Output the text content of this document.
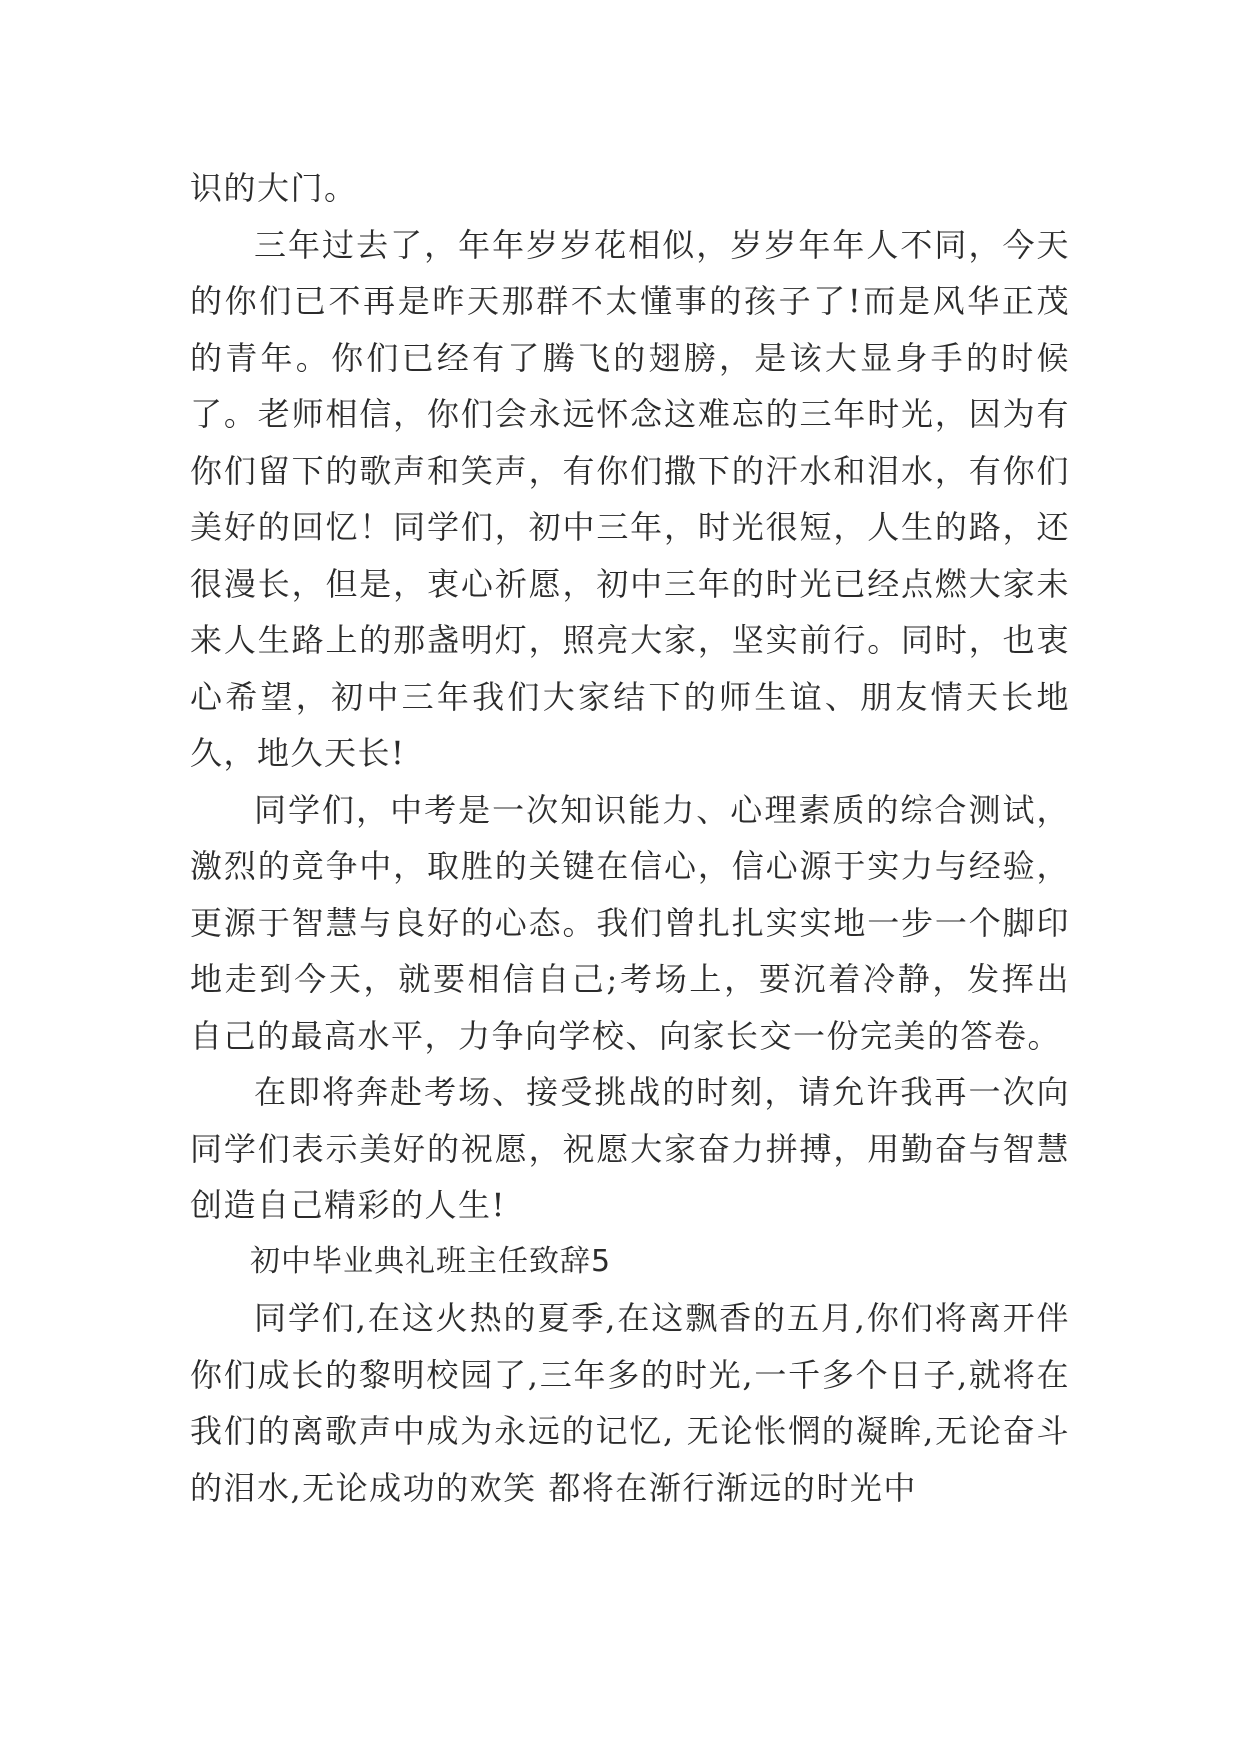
识的大门。

三年过去了，年年岁岁花相似，岁岁年年人不同，今天的你们已不再是昨天那群不太懂事的孩子了!而是风华正茂的青年。你们已经有了腾飞的翅膀，是该大显身手的时候了。老师相信，你们会永远怀念这难忘的三年时光，因为有你们留下的歌声和笑声，有你们撒下的汗水和泪水，有你们美好的回忆！同学们，初中三年，时光很短，人生的路，还很漫长，但是，衷心祈愿，初中三年的时光已经点燃大家未来人生路上的那盏明灯，照亮大家，坚实前行。同时，也衷心希望，初中三年我们大家结下的师生谊、朋友情天长地久，地久天长!

同学们，中考是一次知识能力、心理素质的综合测试，激烈的竞争中，取胜的关键在信心，信心源于实力与经验，更源于智慧与良好的心态。我们曾扎扎实实地一步一个脚印地走到今天，就要相信自己;考场上，要沉着冷静，发挥出自己的最高水平，力争向学校、向家长交一份完美的答卷。

在即将奔赴考场、接受挑战的时刻，请允许我再一次向同学们表示美好的祝愿，祝愿大家奋力拼搏，用勤奋与智慧创造自己精彩的人生!

初中毕业典礼班主任致辞5

同学们,在这火热的夏季,在这飘香的五月,你们将离开伴你们成长的黎明校园了,三年多的时光,一千多个日子,就将在我们的离歌声中成为永远的记忆, 无论怅惘的凝眸,无论奋斗的泪水,无论成功的欢笑 都将在渐行渐远的时光中
